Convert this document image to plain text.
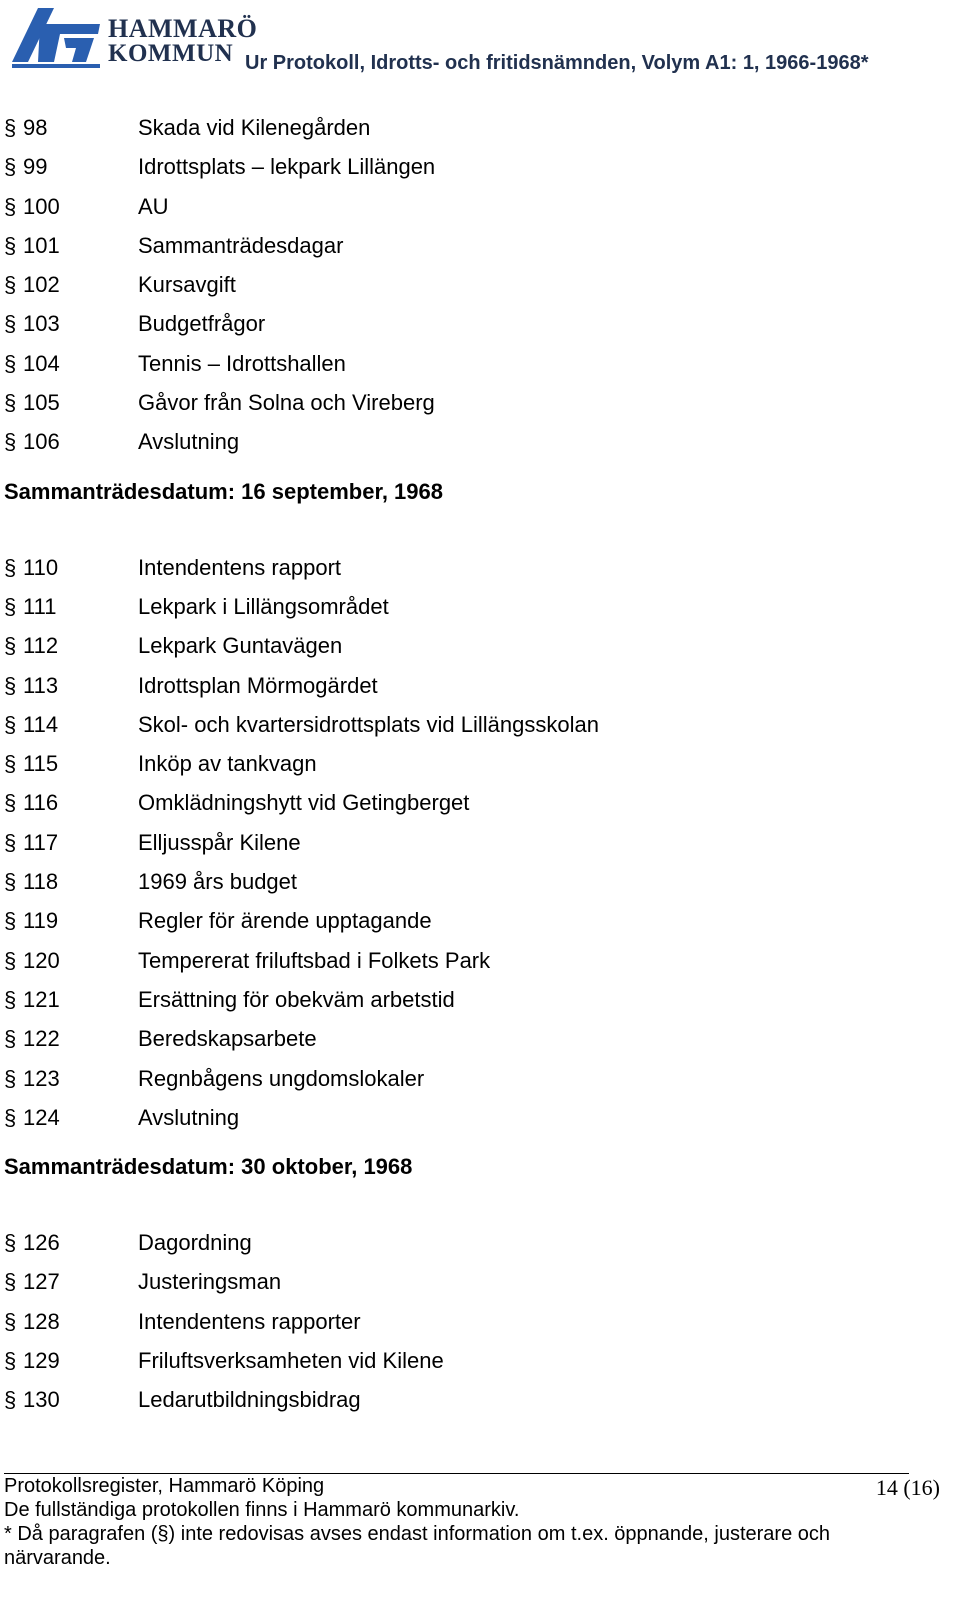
HAMMARÖ
KOMMUN Ur Protokoll, Idrotts- och fritidsnämnden, Volym A1: 1, 1966-1968*
§ 98	Skada vid Kilenegården
§ 99	Idrottsplats – lekpark Lillängen
§ 100	AU
§ 101	Sammanträdesdagar
§ 102	Kursavgift
§ 103	Budgetfrågor
§ 104	Tennis – Idrottshallen
§ 105	Gåvor från Solna och Vireberg
§ 106	Avslutning
Sammanträdesdatum: 16 september, 1968
§ 110	Intendentens rapport
§ 111	Lekpark i Lillängsområdet
§ 112	Lekpark Guntavägen
§ 113	Idrottsplan Mörmogärdet
§ 114	Skol- och kvartersidrottsplats vid Lillängsskolan
§ 115	Inköp av tankvagn
§ 116	Omklädningshytt vid Getingberget
§ 117	Elljusspår Kilene
§ 118	1969 års budget
§ 119	Regler för ärende upptagande
§ 120	Tempererat friluftsbad i Folkets Park
§ 121	Ersättning för obekväm arbetstid
§ 122	Beredskapsarbete
§ 123	Regnbågens ungdomslokaler
§ 124	Avslutning
Sammanträdesdatum: 30 oktober, 1968
§ 126	Dagordning
§ 127	Justeringsman
§ 128	Intendentens rapporter
§ 129	Friluftsverksamheten vid Kilene
§ 130	Ledarutbildningsbidrag
Protokollsregister, Hammarö Köping	14 (16)
De fullständiga protokollen finns i Hammarö kommunarkiv.
* Då paragrafen (§) inte redovisas avses endast information om t.ex. öppnande, justerare och
närvarande.
